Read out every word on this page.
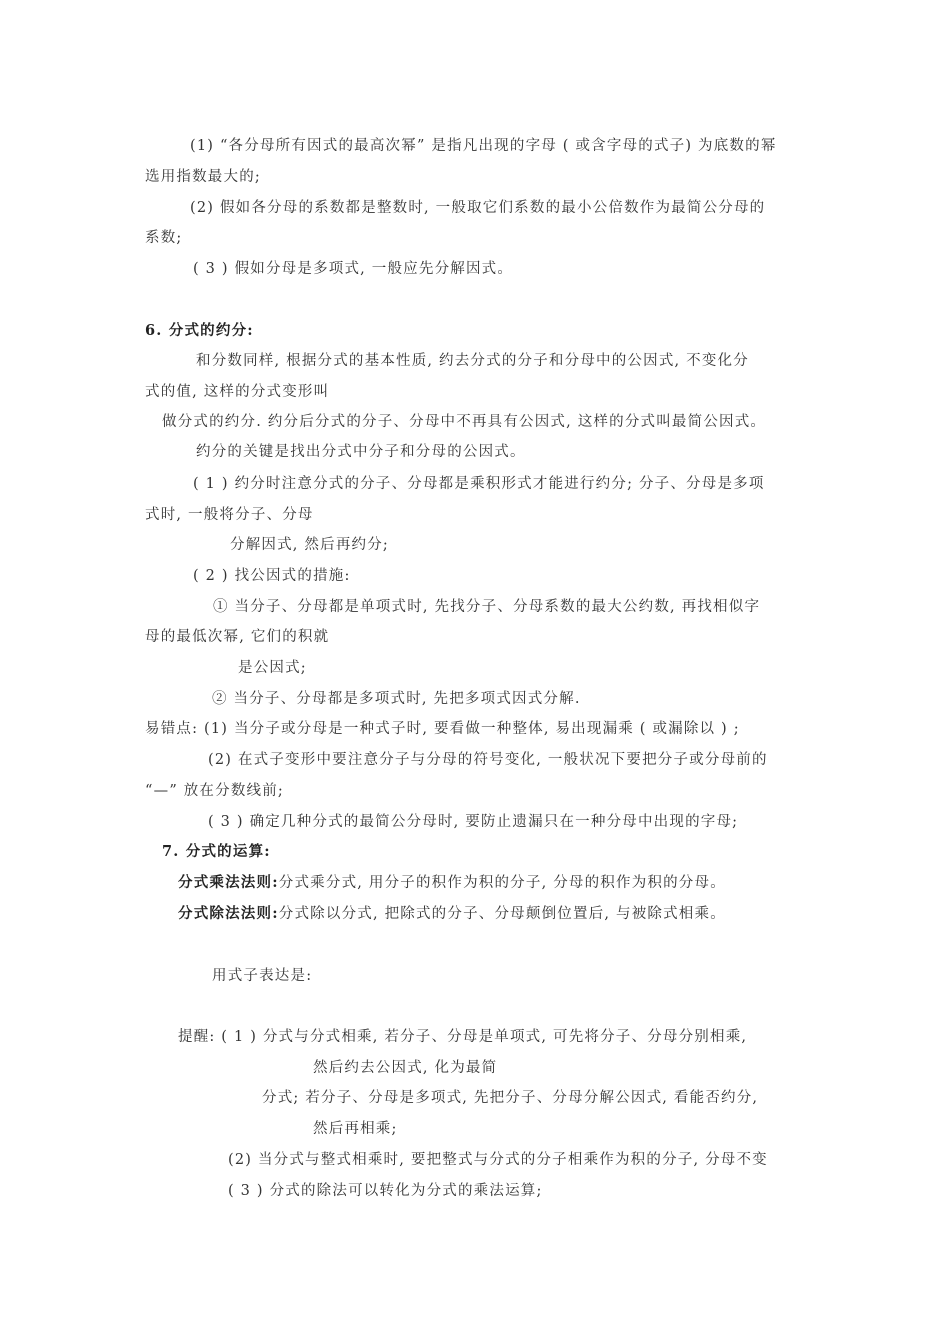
(1) “各分母所有因式的最高次幂” 是指凡出现的字母 ( 或含字母的式子) 为底数的幂
选用指数最大的;
(2) 假如各分母的系数都是整数时, 一般取它们系数的最小公倍数作为最简公分母的
系数;
( 3 ) 假如分母是多项式, 一般应先分解因式。
6. 分式的约分:
和分数同样, 根据分式的基本性质, 约去分式的分子和分母中的公因式, 不变化分
式的值, 这样的分式变形叫
做分式的约分. 约分后分式的分子、分母中不再具有公因式, 这样的分式叫最简公因式。
约分的关键是找出分式中分子和分母的公因式。
( 1 ) 约分时注意分式的分子、分母都是乘积形式才能进行约分; 分子、分母是多项
式时, 一般将分子、分母
分解因式, 然后再约分;
( 2 ) 找公因式的措施:
① 当分子、分母都是单项式时, 先找分子、分母系数的最大公约数, 再找相似字
母的最低次幂, 它们的积就
是公因式;
② 当分子、分母都是多项式时, 先把多项式因式分解.
易错点: (1) 当分子或分母是一种式子时, 要看做一种整体, 易出现漏乘 ( 或漏除以 ) ;
(2) 在式子变形中要注意分子与分母的符号变化, 一般状况下要把分子或分母前的
“—” 放在分数线前;
( 3 ) 确定几种分式的最简公分母时, 要防止遗漏只在一种分母中出现的字母;
7. 分式的运算:
分式乘法法则:分式乘分式, 用分子的积作为积的分子, 分母的积作为积的分母。
分式除法法则:分式除以分式, 把除式的分子、分母颠倒位置后, 与被除式相乘。
用式子表达是:
提醒: ( 1 ) 分式与分式相乘, 若分子、分母是单项式, 可先将分子、分母分别相乘,
然后约去公因式, 化为最简
分式; 若分子、分母是多项式, 先把分子、分母分解公因式, 看能否约分,
然后再相乘;
(2) 当分式与整式相乘时, 要把整式与分式的分子相乘作为积的分子, 分母不变
( 3 ) 分式的除法可以转化为分式的乘法运算;
